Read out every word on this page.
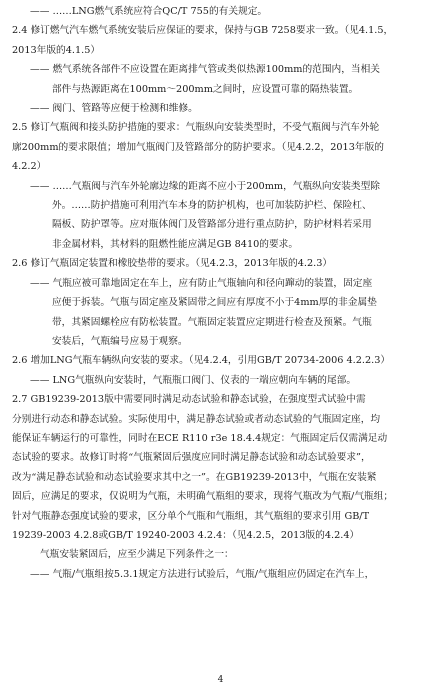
—— ……LNG燃气系统应符合QC/T 755的有关规定。
2.4 修订燃气汽车燃气系统安装后应保证的要求，保持与GB 7258要求一致。（见4.1.5，
2013年版的4.1.5）
—— 燃气系统各部件不应设置在距离排气管或类似热源100mm的范围内，当相关
部件与热源距离在100mm～200mm之间时，应设置可靠的隔热装置。
—— 阀门、管路等应便于检测和维修。
2.5 修订气瓶阀和接头防护措施的要求：气瓶纵向安装类型时，不受气瓶阀与汽车外轮
廓200mm的要求限值；增加气瓶阀门及管路部分的防护要求。（见4.2.2，2013年版的
4.2.2）
—— ……气瓶阀与汽车外轮廓边缘的距离不应小于200mm，气瓶纵向安装类型除
外。……防护措施可利用汽车本身的防护机构，也可加装防护栏、保险杠、
隔板、防护罩等。应对瓶体阀门及管路部分进行重点防护，防护材料若采用
非金属材料，其材料的阻燃性能应满足GB 8410的要求。
2.6 修订气瓶固定装置和橡胶垫带的要求。（见4.2.3，2013年版的4.2.3）
—— 气瓶应被可靠地固定在车上，应有防止气瓶轴向和径向蹿动的装置，固定座
应便于拆装。气瓶与固定座及紧固带之间应有厚度不小于4mm厚的非金属垫
带，其紧固螺栓应有防松装置。气瓶固定装置应定期进行检查及预紧。气瓶
安装后，气瓶编号应易于观察。
2.6 增加LNG气瓶车辆纵向安装的要求。（见4.2.4，引用GB/T 20734-2006 4.2.2.3）
—— LNG气瓶纵向安装时，气瓶瓶口阀门、仪表的一端应朝向车辆的尾部。
2.7 GB19239-2013版中需要同时满足动态试验和静态试验，在强度型式试验中需
分别进行动态和静态试验。实际使用中，满足静态试验或者动态试验的气瓶固定座，均
能保证车辆运行的可靠性，同时在ECE R110 r3e 18.4.4规定：气瓶固定后仅需满足动
态试验的要求。故修订时将“气瓶紧固后强度应同时满足静态试验和动态试验要求”，
改为“满足静态试验和动态试验要求其中之一”。在GB19239-2013中，气瓶在安装紧
固后，应满足的要求，仅说明为气瓶，未明确气瓶组的要求，现将气瓶改为气瓶/气瓶组；
针对气瓶静态强度试验的要求，区分单个气瓶和气瓶组，其气瓶组的要求引用 GB/T
19239-2003 4.2.8或GB/T 19240-2003 4.2.4：（见4.2.5，2013版的4.2.4）
气瓶安装紧固后，应至少满足下列条件之一：
—— 气瓶/气瓶组按5.3.1规定方法进行试验后，气瓶/气瓶组应仍固定在汽车上，
4
